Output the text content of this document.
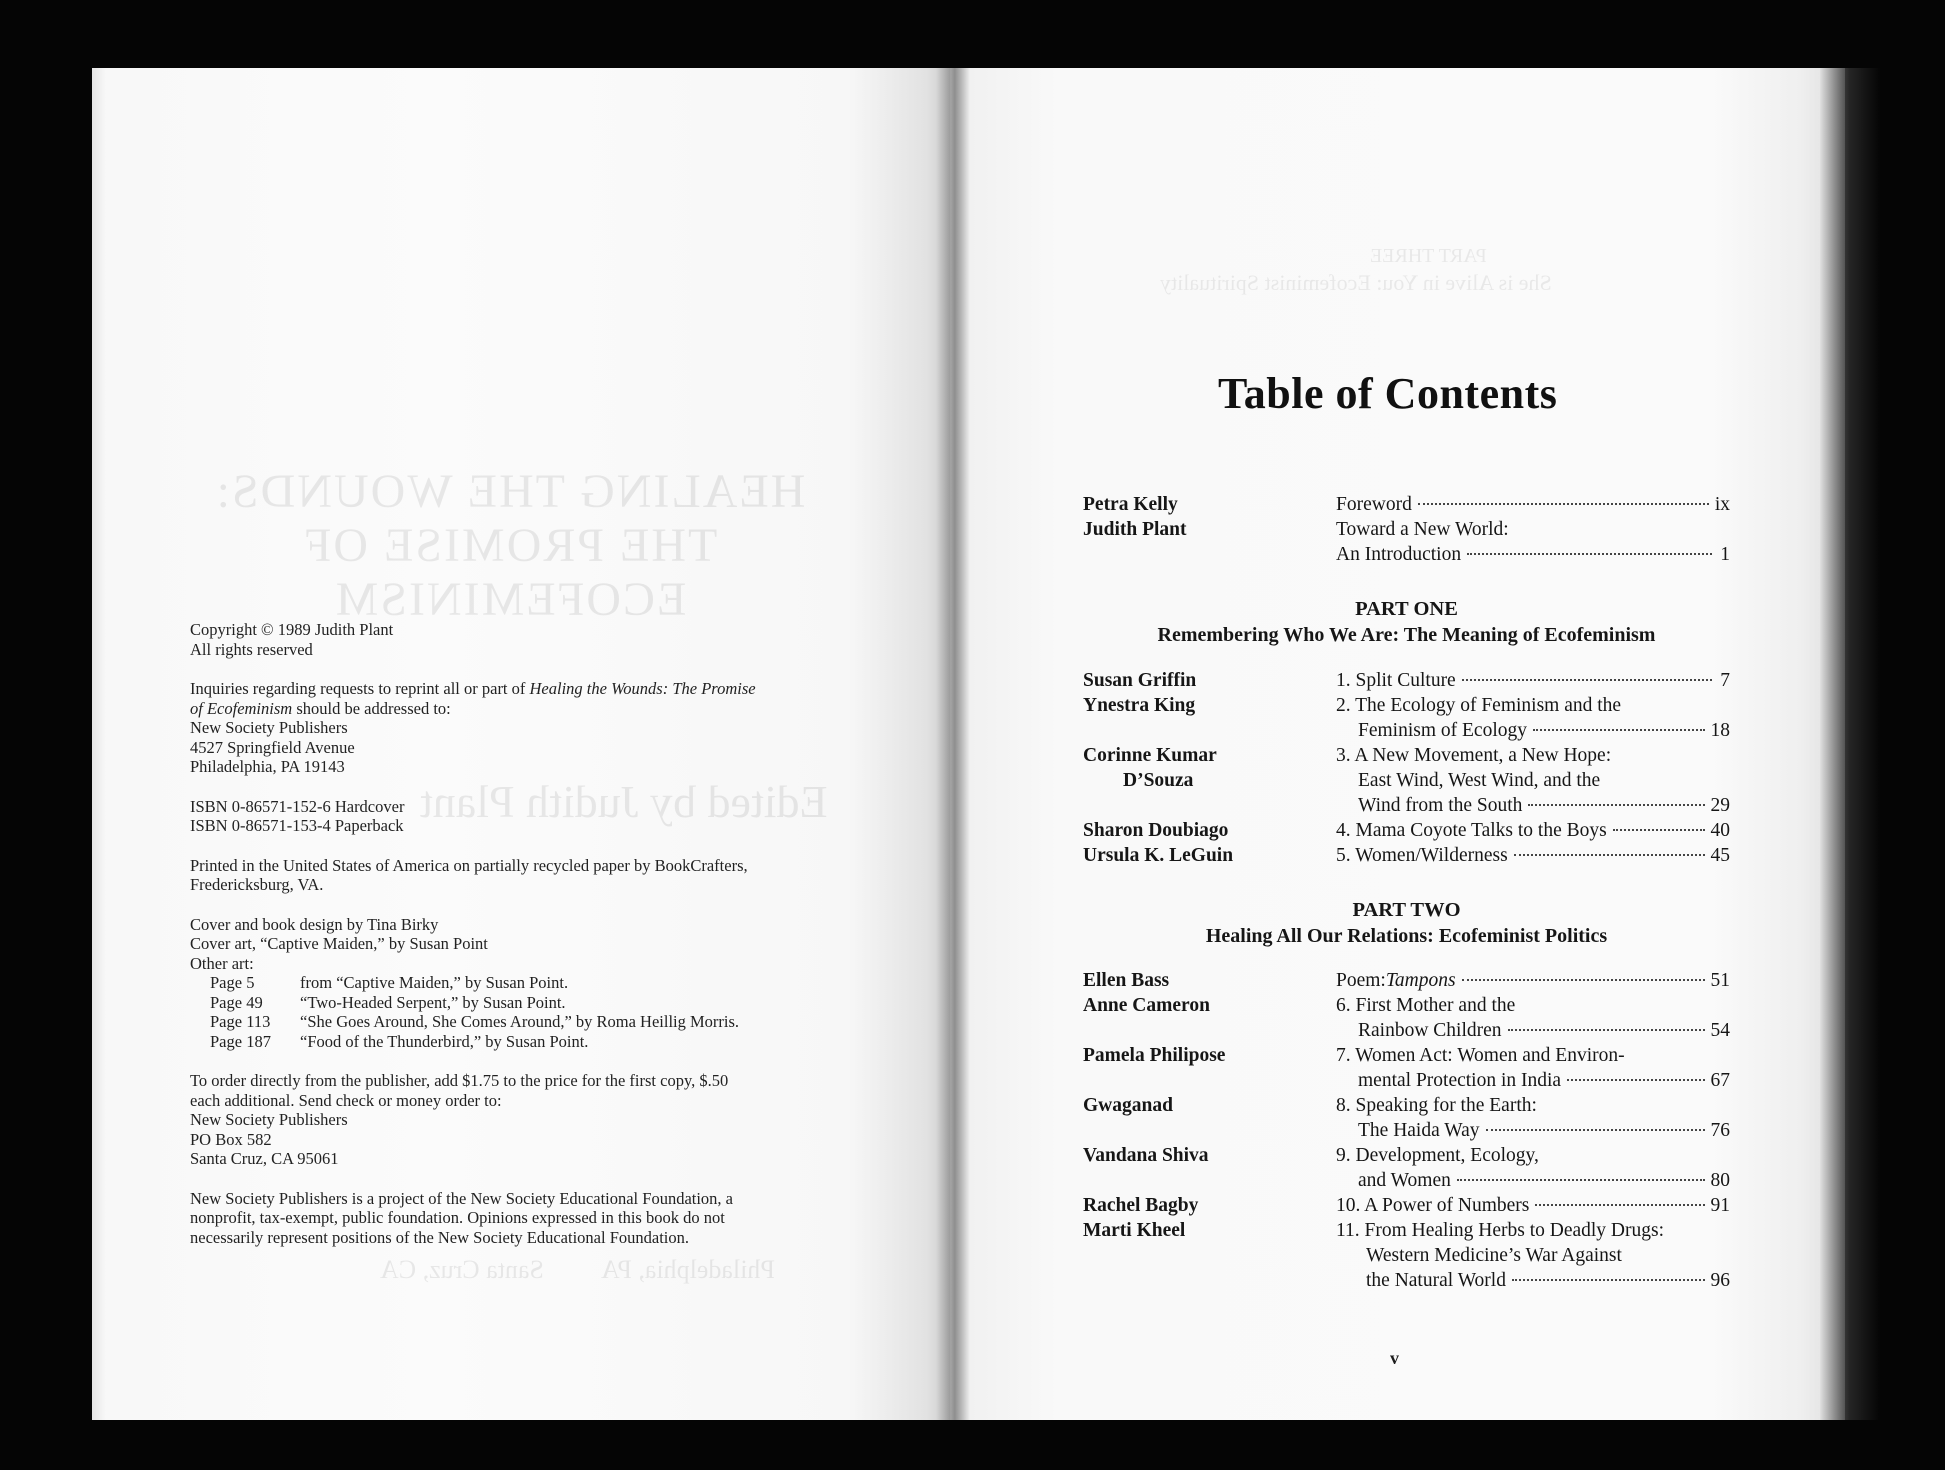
HEALING THE WOUNDS:
THE PROMISE OF
ECOFEMINISM
Edited by Judith Plant
Philadelphia, PA         Santa Cruz, CA
PART THREE
She is Alive in You: Ecofeminist Spirituality

Copyright © 1989 Judith Plant

All rights reserved

Inquiries regarding requests to reprint all or part of Healing the Wounds: The Promise

of Ecofeminism should be addressed to:

New Society Publishers

4527 Springfield Avenue

Philadelphia, PA 19143

ISBN 0-86571-152-6 Hardcover

ISBN 0-86571-153-4 Paperback

Printed in the United States of America on partially recycled paper by BookCrafters,

Fredericksburg, VA.

Cover and book design by Tina Birky

Cover art, “Captive Maiden,” by Susan Point

Other art:

Page 5	from “Captive Maiden,” by Susan Point.
Page 49	“Two-Headed Serpent,” by Susan Point.
Page 113	“She Goes Around, She Comes Around,” by Roma Heillig Morris.
Page 187	“Food of the Thunderbird,” by Susan Point.

To order directly from the publisher, add $1.75 to the price for the first copy, $.50

each additional. Send check or money order to:

New Society Publishers

PO Box 582

Santa Cruz, CA 95061

New Society Publishers is a project of the New Society Educational Foundation, a

nonprofit, tax-exempt, public foundation. Opinions expressed in this book do not

necessarily represent positions of the New Society Educational Foundation.

Table of Contents
Petra Kelly	Foreword	ix
Judith Plant	Toward a New World:
An Introduction	1
PART ONE
Remembering Who We Are: The Meaning of Ecofeminism
Susan Griffin	1. Split Culture	7
Ynestra King	2. The Ecology of Feminism and the
Feminism of Ecology	18
Corinne Kumar	3. A New Movement, a New Hope:
D’Souza	East Wind, West Wind, and the
Wind from the South	29
Sharon Doubiago	4. Mama Coyote Talks to the Boys	40
Ursula K. LeGuin	5. Women/Wilderness	45
PART TWO
Healing All Our Relations: Ecofeminist Politics
Ellen Bass	Poem: Tampons	51
Anne Cameron	6. First Mother and the
Rainbow Children	54
Pamela Philipose	7. Women Act: Women and Environ-
mental Protection in India	67
Gwaganad	8. Speaking for the Earth:
The Haida Way	76
Vandana Shiva	9. Development, Ecology,
and Women	80
Rachel Bagby	10. A Power of Numbers	91
Marti Kheel	11. From Healing Herbs to Deadly Drugs:
Western Medicine’s War Against
the Natural World	96
v
